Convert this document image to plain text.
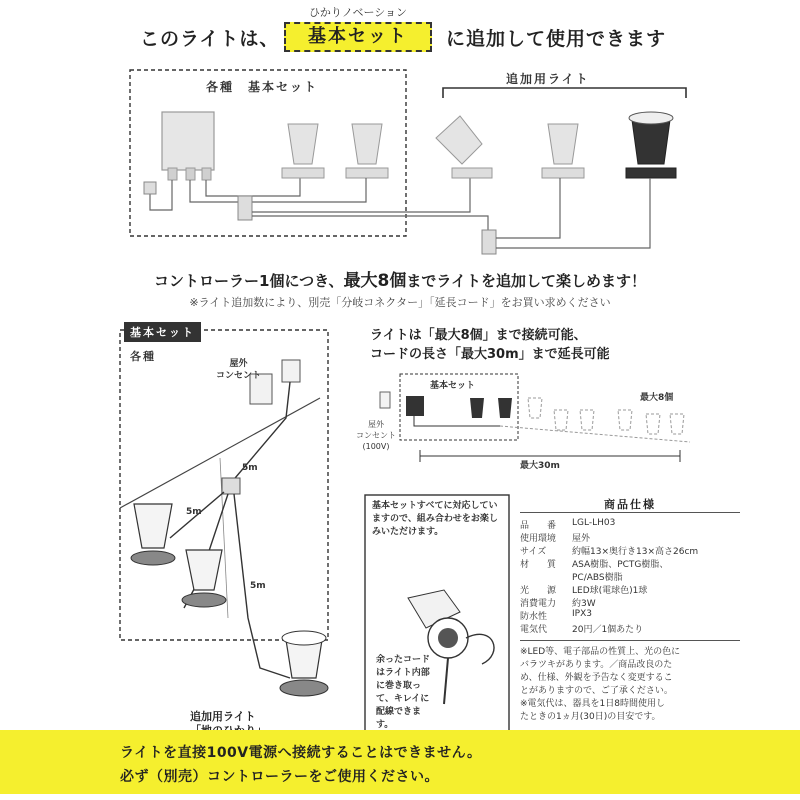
ひかりノベーション
このライトは、	基本セット	に追加して使用できます
各種　基本セット
追加用ライト
コントローラー1個につき、最大8個までライトを追加して楽しめます！
※ライト追加数により、別売「分岐コネクター」「延長コード」をお買い求めください
基本セット
各種
屋外
コンセント
5m
5m
5m
追加用ライト
ライトは「最大8個」まで接続可能、
コードの長さ「最大30m」まで延長可能
基本セット
最大8個
屋外
コンセント
(100V)
最大30m
基本セットすべてに対応していますので、組み合わせをお楽しみいただけます。
余ったコードはライト内部に巻き取って、キレイに配線できます。
商品仕様
品　　番	LGL-LH03
使用環境	屋外
サイズ	約幅13×奥行き13×高さ26cm
材　　質	ASA樹脂、PCTG樹脂、
PC/ABS樹脂
光　　源	LED球(電球色)1球
消費電力	約3W
防水性	IPX3
電気代	20円／1個あたり
※LED等、電子部品の性質上、光の色に
バラツキがあります。／商品改良のた
め、仕様、外観を予告なく変更するこ
とがありますので、ご了承ください。
※電気代は、器具を1日8時間使用し
たときの1ヵ月(30日)の目安です。
ライトを直接100V電源へ接続することはできません。
必ず（別売）コントローラーをご使用ください。
